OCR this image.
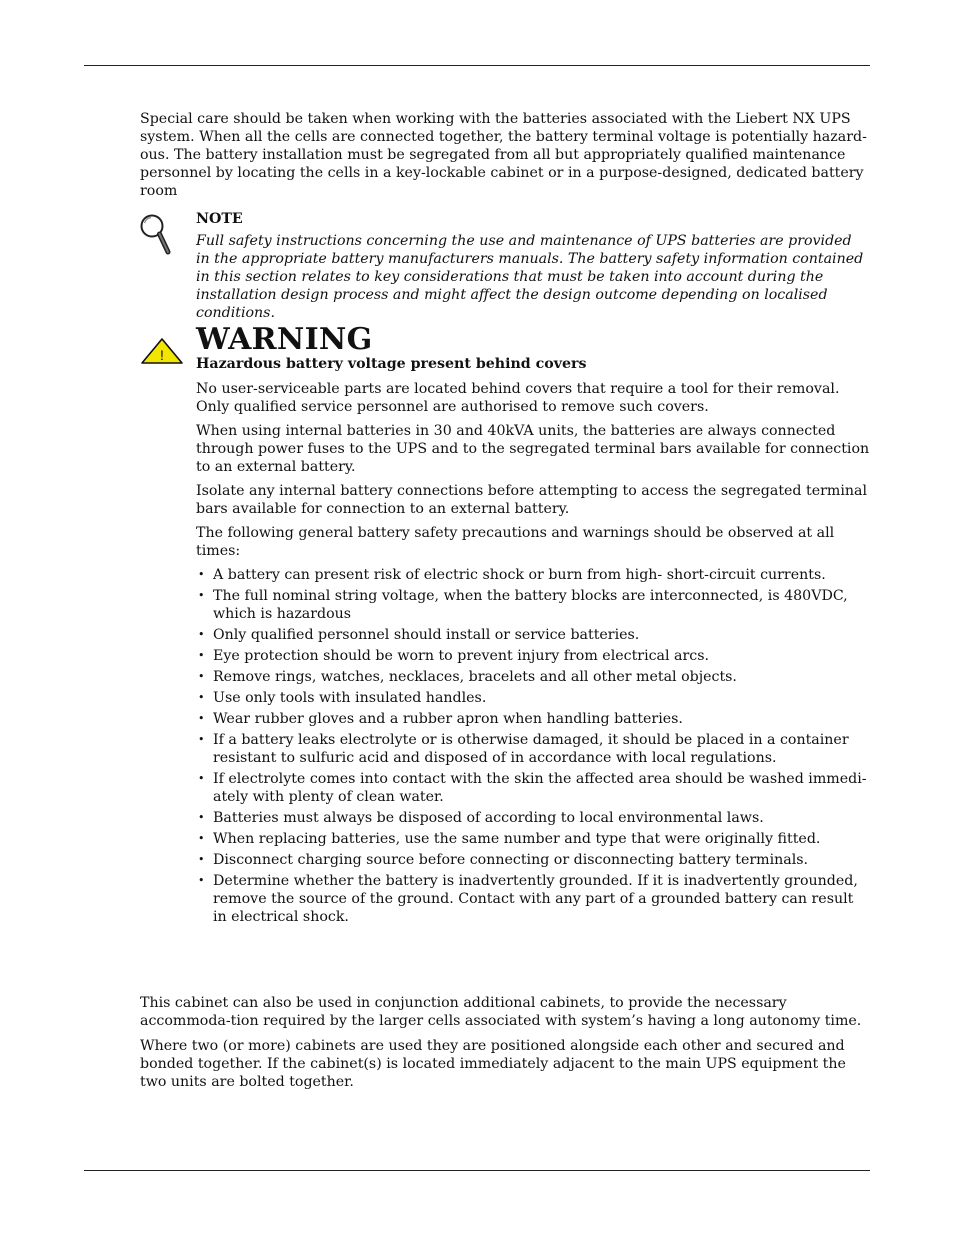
Special care should be taken when working with the batteries associated with the Liebert NX UPS system. When all the cells are connected together, the battery terminal voltage is potentially hazard-ous. The battery installation must be segregated from all but appropriately qualified maintenance personnel by locating the cells in a key-lockable cabinet or in a purpose-designed, dedicated battery room

NOTE

Full safety instructions concerning the use and maintenance of UPS batteries are provided in the appropriate battery manufacturers manuals. The battery safety information contained in this section relates to key considerations that must be taken into account during the installation design process and might affect the design outcome depending on localised conditions.

! WARNING

Hazardous battery voltage present behind covers

No user-serviceable parts are located behind covers that require a tool for their removal. Only qualified service personnel are authorised to remove such covers.

When using internal batteries in 30 and 40kVA units, the batteries are always connected through power fuses to the UPS and to the segregated terminal bars available for connection to an external battery.

Isolate any internal battery connections before attempting to access the segregated terminal bars available for connection to an external battery.

The following general battery safety precautions and warnings should be observed at all times:

• A battery can present risk of electric shock or burn from high- short-circuit currents.
• The full nominal string voltage, when the battery blocks are interconnected, is 480VDC, which is hazardous
• Only qualified personnel should install or service batteries.
• Eye protection should be worn to prevent injury from electrical arcs.
• Remove rings, watches, necklaces, bracelets and all other metal objects.
• Use only tools with insulated handles.
• Wear rubber gloves and a rubber apron when handling batteries.
• If a battery leaks electrolyte or is otherwise damaged, it should be placed in a container resistant to sulfuric acid and disposed of in accordance with local regulations.
• If electrolyte comes into contact with the skin the affected area should be washed immedi-ately with plenty of clean water.
• Batteries must always be disposed of according to local environmental laws.
• When replacing batteries, use the same number and type that were originally fitted.
• Disconnect charging source before connecting or disconnecting battery terminals.
• Determine whether the battery is inadvertently grounded. If it is inadvertently grounded, remove the source of the ground. Contact with any part of a grounded battery can result in electrical shock.

This cabinet can also be used in conjunction additional cabinets, to provide the necessary accommoda-tion required by the larger cells associated with system’s having a long autonomy time.

Where two (or more) cabinets are used they are positioned alongside each other and secured and bonded together. If the cabinet(s) is located immediately adjacent to the main UPS equipment the two units are bolted together.
